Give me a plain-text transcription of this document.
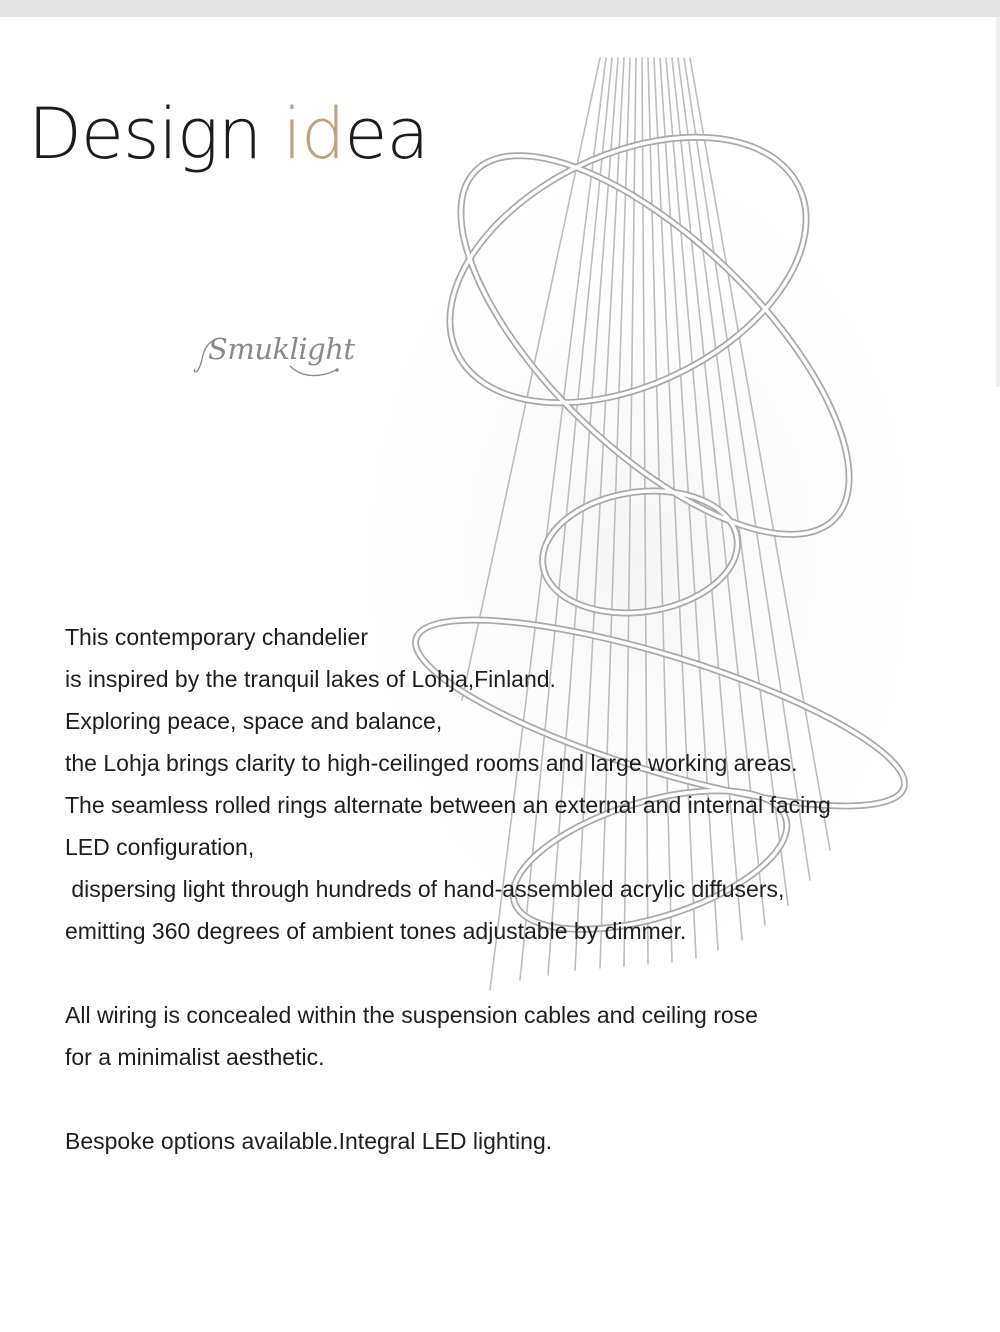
Design idea
Smuklight

This contemporary chandelier

is inspired by the tranquil lakes of Lohja,Finland.

Exploring peace, space and balance,

the Lohja brings clarity to high-ceilinged rooms and large working areas.

The seamless rolled rings alternate between an external and internal facing

LED configuration,

dispersing light through hundreds of hand-assembled acrylic diffusers,

emitting 360 degrees of ambient tones adjustable by dimmer.

All wiring is concealed within the suspension cables and ceiling rose

for a minimalist aesthetic.

Bespoke options available.Integral LED lighting.
